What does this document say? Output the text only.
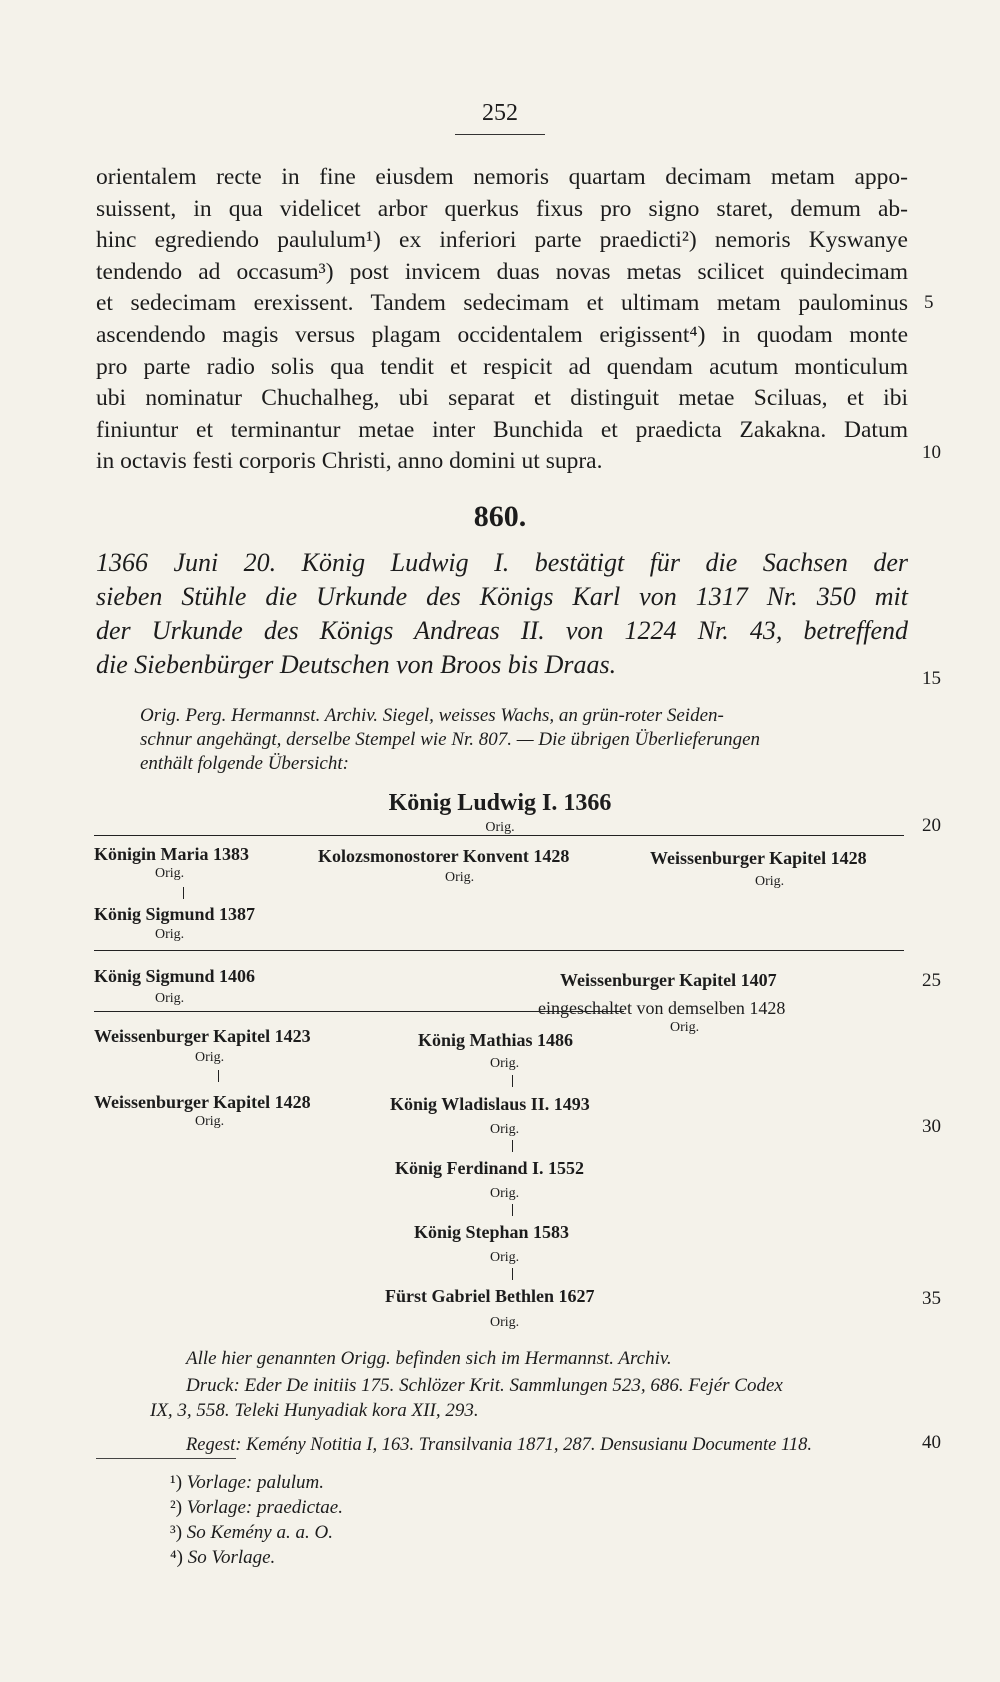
252
orientalem recte in fine eiusdem nemoris quartam decimam metam appo-
suissent, in qua videlicet arbor querkus fixus pro signo staret, demum ab-
hinc egrediendo paululum¹) ex inferiori parte praedicti²) nemoris Kyswanye
tendendo ad occasum³) post invicem duas novas metas scilicet quindecimam
et sedecimam erexissent. Tandem sedecimam et ultimam metam paulominus
ascendendo magis versus plagam occidentalem erigissent⁴) in quodam monte
pro parte radio solis qua tendit et respicit ad quendam acutum monticulum
ubi nominatur Chuchalheg, ubi separat et distinguit metae Sciluas, et ibi
finiuntur et terminantur metae inter Bunchida et praedicta Zakakna. Datum
in octavis festi corporis Christi, anno domini ut supra.
5
10
15
20
25
30
35
40
860.
1366 Juni 20. König Ludwig I. bestätigt für die Sachsen der
sieben Stühle die Urkunde des Königs Karl von 1317 Nr. 350 mit
der Urkunde des Königs Andreas II. von 1224 Nr. 43, betreffend
die Siebenbürger Deutschen von Broos bis Draas.
Orig. Perg. Hermannst. Archiv. Siegel, weisses Wachs, an grün-roter Seiden-
schnur angehängt, derselbe Stempel wie Nr. 807. — Die übrigen Überlieferungen
enthält folgende Übersicht:
König Ludwig I. 1366
Orig.
Königin Maria 1383
Orig.
Kolozsmonostorer Konvent 1428
Orig.
Weissenburger Kapitel 1428
Orig.
König Sigmund 1387
Orig.
König Sigmund 1406
Orig.
Weissenburger Kapitel 1407
eingeschaltet von demselben 1428
Orig.
Weissenburger Kapitel 1423
Orig.
König Mathias 1486
Orig.
Weissenburger Kapitel 1428
Orig.
König Wladislaus II. 1493
Orig.
König Ferdinand I. 1552
Orig.
König Stephan 1583
Orig.
Fürst Gabriel Bethlen 1627
Orig.
Alle hier genannten Origg. befinden sich im Hermannst. Archiv.
Druck: Eder De initiis 175. Schlözer Krit. Sammlungen 523, 686. Fejér Codex
IX, 3, 558. Teleki Hunyadiak kora XII, 293.
Regest: Kemény Notitia I, 163. Transilvania 1871, 287. Densusianu Documente 118.
¹) Vorlage: palulum.
²) Vorlage: praedictae.
³) So Kemény a. a. O.
⁴) So Vorlage.
